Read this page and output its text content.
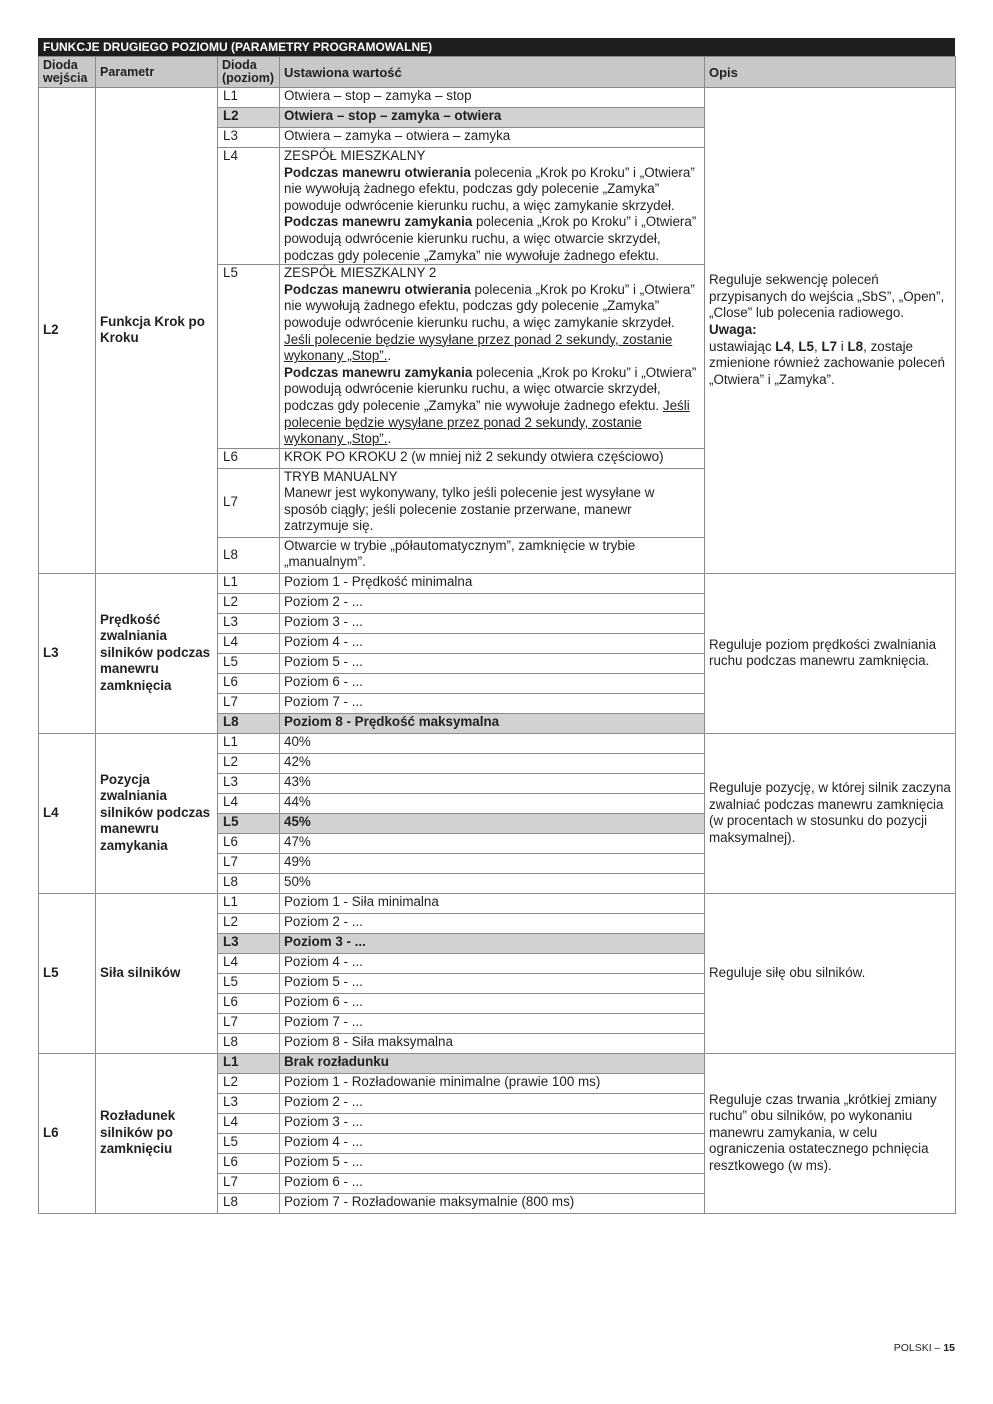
FUNKCJE DRUGIEGO POZIOMU (PARAMETRY PROGRAMOWALNE)
Dioda wejścia	Parametr	Dioda (poziom)	Ustawiona wartość	Opis
L2	Funkcja Krok po Kroku	L1	Otwiera – stop – zamyka – stop	Reguluje sekwencję poleceń przypisanych do wejścia „SbS”, „Open”, „Close” lub polecenia radiowego.
Uwaga:
ustawiając L4, L5, L7 i L8, zostaje zmienione również zachowanie poleceń „Otwiera” i „Zamyka”.
		L2	Otwiera – stop – zamyka – otwiera	
		L3	Otwiera – zamyka – otwiera – zamyka	
		L4	ZESPÓŁ MIESZKALNY
Podczas manewru otwierania polecenia „Krok po Kroku” i „Otwiera” nie wywołują żadnego efektu, podczas gdy polecenie „Zamyka” powoduje odwrócenie kierunku ruchu, a więc zamykanie skrzydeł.
Podczas manewru zamykania polecenia „Krok po Kroku” i „Otwiera” powodują odwrócenie kierunku ruchu, a więc otwarcie skrzydeł, podczas gdy polecenie „Zamyka” nie wywołuje żadnego efektu.	
		L5	ZESPÓŁ MIESZKALNY 2
Podczas manewru otwierania polecenia „Krok po Kroku” i „Otwiera” nie wywołują żadnego efektu, podczas gdy polecenie „Zamyka” powoduje odwrócenie kierunku ruchu, a więc zamykanie skrzydeł. Jeśli polecenie będzie wysyłane przez ponad 2 sekundy, zostanie wykonany „Stop”..
Podczas manewru zamykania polecenia „Krok po Kroku” i „Otwiera” powodują odwrócenie kierunku ruchu, a więc otwarcie skrzydeł, podczas gdy polecenie „Zamyka” nie wywołuje żadnego efektu. Jeśli polecenie będzie wysyłane przez ponad 2 sekundy, zostanie wykonany „Stop”..	
		L6	KROK PO KROKU 2 (w mniej niż 2 sekundy otwiera częściowo)	
		L7	TRYB MANUALNY
Manewr jest wykonywany, tylko jeśli polecenie jest wysyłane w sposób ciągły; jeśli polecenie zostanie przerwane, manewr zatrzymuje się.	
		L8	Otwarcie w trybie „półautomatycznym”, zamknięcie w trybie „manualnym”.	
L3	Prędkość zwalniania silników podczas manewru zamknięcia	L1	Poziom 1 - Prędkość minimalna	Reguluje poziom prędkości zwalniania ruchu podczas manewru zamknięcia.
		L2	Poziom 2 - ...	
		L3	Poziom 3 - ...	
		L4	Poziom 4 - ...	
		L5	Poziom 5 - ...	
		L6	Poziom 6 - ...	
		L7	Poziom 7 - ...	
		L8	Poziom 8 - Prędkość maksymalna	
L4	Pozycja zwalniania silników podczas manewru zamykania	L1	40%	Reguluje pozycję, w której silnik zaczyna zwalniać podczas manewru zamknięcia (w procentach w stosunku do pozycji maksymalnej).
		L2	42%	
		L3	43%	
		L4	44%	
		L5	45%	
		L6	47%	
		L7	49%	
		L8	50%	
L5	Siła silników	L1	Poziom 1 - Siła minimalna	Reguluje siłę obu silników.
		L2	Poziom 2 - ...	
		L3	Poziom 3 - ...	
		L4	Poziom 4 - ...	
		L5	Poziom 5 - ...	
		L6	Poziom 6 - ...	
		L7	Poziom 7 - ...	
		L8	Poziom 8 - Siła maksymalna	
L6	Rozładunek silników po zamknięciu	L1	Brak rozładunku	Reguluje czas trwania „krótkiej zmiany ruchu” obu silników, po wykonaniu manewru zamykania, w celu ograniczenia ostatecznego pchnięcia resztkowego (w ms).
		L2	Poziom 1 - Rozładowanie minimalne (prawie 100 ms)	
		L3	Poziom 2 - ...	
		L4	Poziom 3 - ...	
		L5	Poziom 4 - ...	
		L6	Poziom 5 - ...	
		L7	Poziom 6 - ...	
		L8	Poziom 7 - Rozładowanie maksymalnie (800 ms)	
POLSKI – 15
